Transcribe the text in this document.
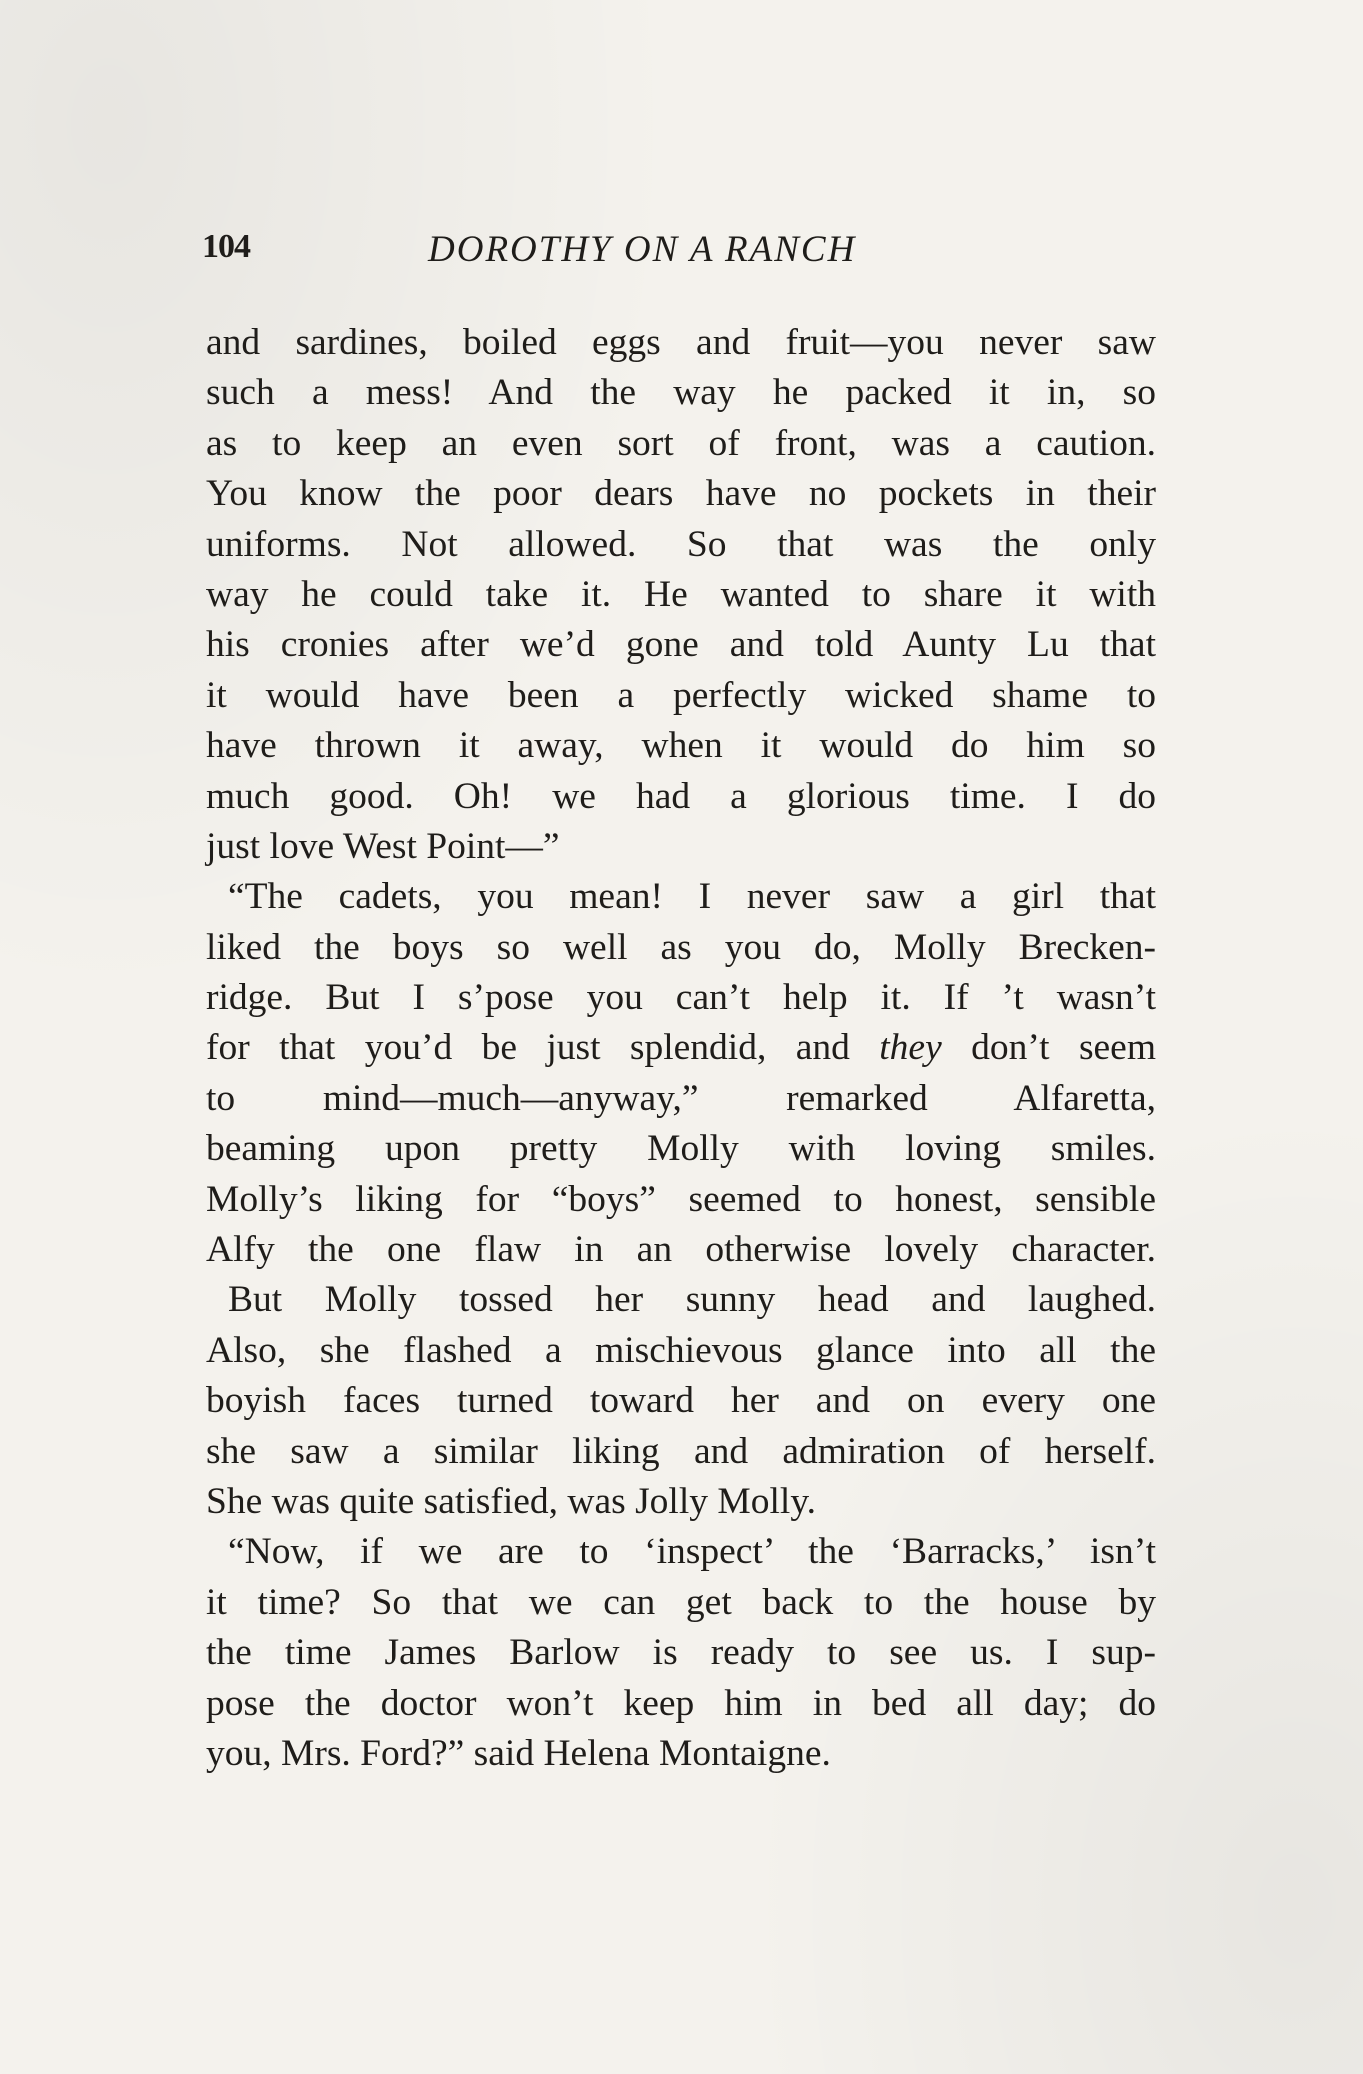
104	DOROTHY ON A RANCH
and sardines, boiled eggs and fruit—you never saw
such a mess! And the way he packed it in, so
as to keep an even sort of front, was a caution.
You know the poor dears have no pockets in their
uniforms. Not allowed. So that was the only
way he could take it. He wanted to share it with
his cronies after we’d gone and told Aunty Lu that
it would have been a perfectly wicked shame to
have thrown it away, when it would do him so
much good. Oh! we had a glorious time. I do
just love West Point—”
“The cadets, you mean! I never saw a girl that
liked the boys so well as you do, Molly Brecken-
ridge. But I s’pose you can’t help it. If ’t wasn’t
for that you’d be just splendid, and they don’t seem
to mind—much—anyway,” remarked Alfaretta,
beaming upon pretty Molly with loving smiles.
Molly’s liking for “boys” seemed to honest, sensible
Alfy the one flaw in an otherwise lovely character.
But Molly tossed her sunny head and laughed.
Also, she flashed a mischievous glance into all the
boyish faces turned toward her and on every one
she saw a similar liking and admiration of herself.
She was quite satisfied, was Jolly Molly.
“Now, if we are to ‘inspect’ the ‘Barracks,’ isn’t
it time? So that we can get back to the house by
the time James Barlow is ready to see us. I sup-
pose the doctor won’t keep him in bed all day; do
you, Mrs. Ford?” said Helena Montaigne.
